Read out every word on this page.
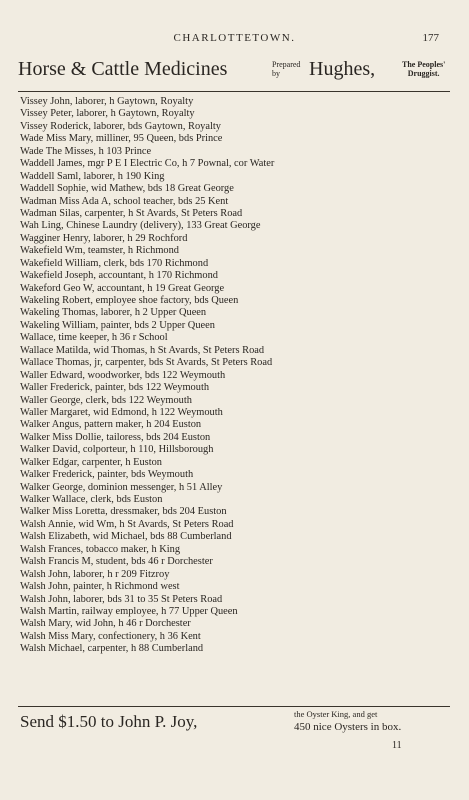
CHARLOTTETOWN.	177
Horse & Cattle Medicines	Prepared
by	Hughes,	The Peoples'
Druggist.
Vissey John, laborer, h Gaytown, Royalty
Vissey Peter, laborer, h Gaytown, Royalty
Vissey Roderick, laborer, bds Gaytown, Royalty
Wade Miss Mary, milliner, 95 Queen, bds Prince
Wade The Misses, h 103 Prince
Waddell James, mgr P E I Electric Co, h 7 Pownal, cor Water
Waddell Saml, laborer, h 190 King
Waddell Sophie, wid Mathew, bds 18 Great George
Wadman Miss Ada A, school teacher, bds 25 Kent
Wadman Silas, carpenter, h St Avards, St Peters Road
Wah Ling, Chinese Laundry (delivery), 133 Great George
Wagginer Henry, laborer, h 29 Rochford
Wakefield Wm, teamster, h Richmond
Wakefield William, clerk, bds 170 Richmond
Wakefield Joseph, accountant, h 170 Richmond
Wakeford Geo W, accountant, h 19 Great George
Wakeling Robert, employee shoe factory, bds Queen
Wakeling Thomas, laborer, h 2 Upper Queen
Wakeling William, painter, bds 2 Upper Queen
Wallace, time keeper, h 36 r School
Wallace Matilda, wid Thomas, h St Avards, St Peters Road
Wallace Thomas, jr, carpenter, bds St Avards, St Peters Road
Waller Edward, woodworker, bds 122 Weymouth
Waller Frederick, painter, bds 122 Weymouth
Waller George, clerk, bds 122 Weymouth
Waller Margaret, wid Edmond, h 122 Weymouth
Walker Angus, pattern maker, h 204 Euston
Walker Miss Dollie, tailoress, bds 204 Euston
Walker David, colporteur, h 110, Hillsborough
Walker Edgar, carpenter, h Euston
Walker Frederick, painter, bds Weymouth
Walker George, dominion messenger, h 51 Alley
Walker Wallace, clerk, bds Euston
Walker Miss Loretta, dressmaker, bds 204 Euston
Walsh Annie, wid Wm, h St Avards, St Peters Road
Walsh Elizabeth, wid Michael, bds 88 Cumberland
Walsh Frances, tobacco maker, h King
Walsh Francis M, student, bds 46 r Dorchester
Walsh John, laborer, h r 209 Fitzroy
Walsh John, painter, h Richmond west
Walsh John, laborer, bds 31 to 35 St Peters Road
Walsh Martin, railway employee, h 77 Upper Queen
Walsh Mary, wid John, h 46 r Dorchester
Walsh Miss Mary, confectionery, h 36 Kent
Walsh Michael, carpenter, h 88 Cumberland
Send $1.50 to John P. Joy,	the Oyster King, and get
450 nice Oysters in box.
11
